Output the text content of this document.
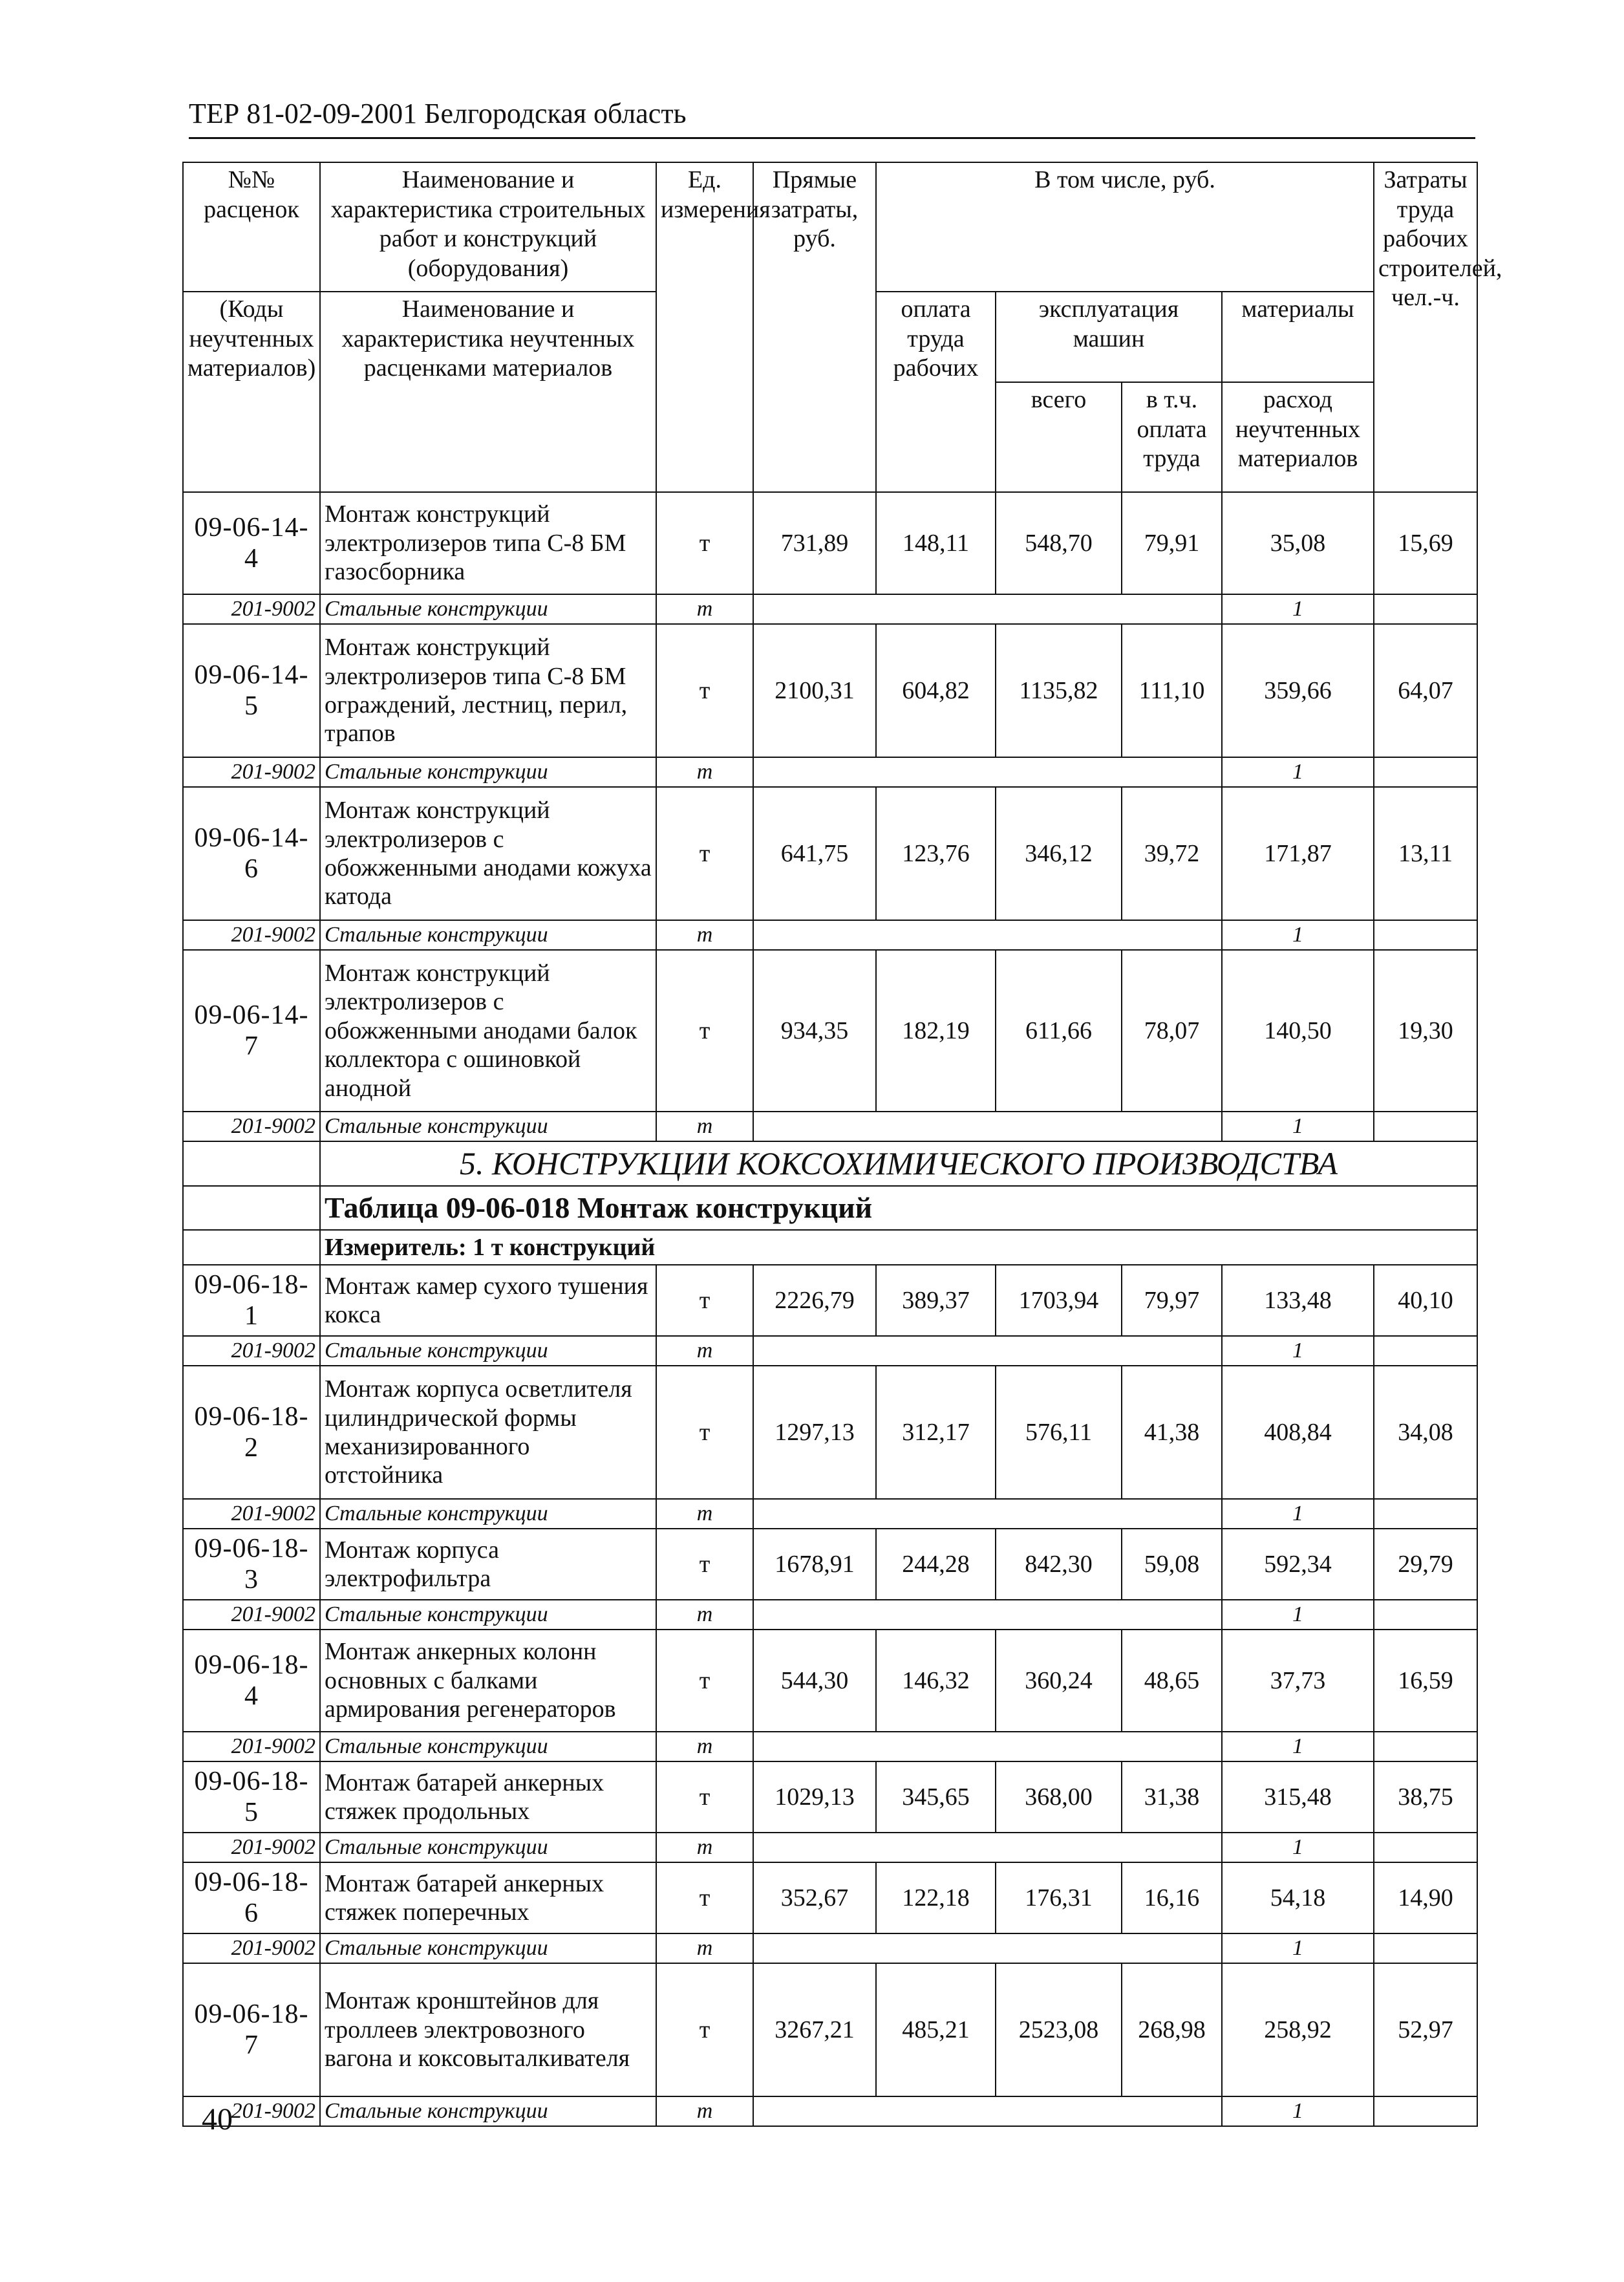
ТЕР 81-02-09-2001 Белгородская область
№№ расценок	Наименование и характеристика строительных работ и конструкций (оборудования)	Ед. измерения	Прямые затраты, руб.	В том числе, руб.				Затраты труда рабочих строителей, чел.-ч.
(Коды неучтенных материалов)	Наименование и характеристика неучтенных расценками материалов			оплата труда рабочих	эксплуатация машин		материалы	
					всего	в т.ч. оплата труда	расход неучтенных материалов	
09-06-14-4	Монтаж конструкций электролизеров типа С-8 БМ газосборника	т	731,89	148,11	548,70	79,91	35,08	15,69
201-9002	Стальные конструкции	т					1	
09-06-14-5	Монтаж конструкций электролизеров типа С-8 БМ ограждений, лестниц, перил, трапов	т	2100,31	604,82	1135,82	111,10	359,66	64,07
201-9002	Стальные конструкции	т					1	
09-06-14-6	Монтаж конструкций электролизеров с обожженными анодами кожуха катода	т	641,75	123,76	346,12	39,72	171,87	13,11
201-9002	Стальные конструкции	т					1	
09-06-14-7	Монтаж конструкций электролизеров с обожженными анодами балок коллектора с ошиновкой анодной	т	934,35	182,19	611,66	78,07	140,50	19,30
201-9002	Стальные конструкции	т					1	
	5. КОНСТРУКЦИИ КОКСОХИМИЧЕСКОГО ПРОИЗВОДСТВА							
	Таблица 09-06-018 Монтаж конструкций							
	Измеритель: 1 т конструкций							
09-06-18-1	Монтаж камер сухого тушения кокса	т	2226,79	389,37	1703,94	79,97	133,48	40,10
201-9002	Стальные конструкции	т					1	
09-06-18-2	Монтаж корпуса осветлителя цилиндрической формы механизированного отстойника	т	1297,13	312,17	576,11	41,38	408,84	34,08
201-9002	Стальные конструкции	т					1	
09-06-18-3	Монтаж корпуса электрофильтра	т	1678,91	244,28	842,30	59,08	592,34	29,79
201-9002	Стальные конструкции	т					1	
09-06-18-4	Монтаж анкерных колонн основных с балками армирования регенераторов	т	544,30	146,32	360,24	48,65	37,73	16,59
201-9002	Стальные конструкции	т					1	
09-06-18-5	Монтаж батарей анкерных стяжек продольных	т	1029,13	345,65	368,00	31,38	315,48	38,75
201-9002	Стальные конструкции	т					1	
09-06-18-6	Монтаж батарей анкерных стяжек поперечных	т	352,67	122,18	176,31	16,16	54,18	14,90
201-9002	Стальные конструкции	т					1	
09-06-18-7	Монтаж кронштейнов для троллеев электровозного вагона и коксовыталкивателя	т	3267,21	485,21	2523,08	268,98	258,92	52,97
201-9002	Стальные конструкции	т					1	
40
